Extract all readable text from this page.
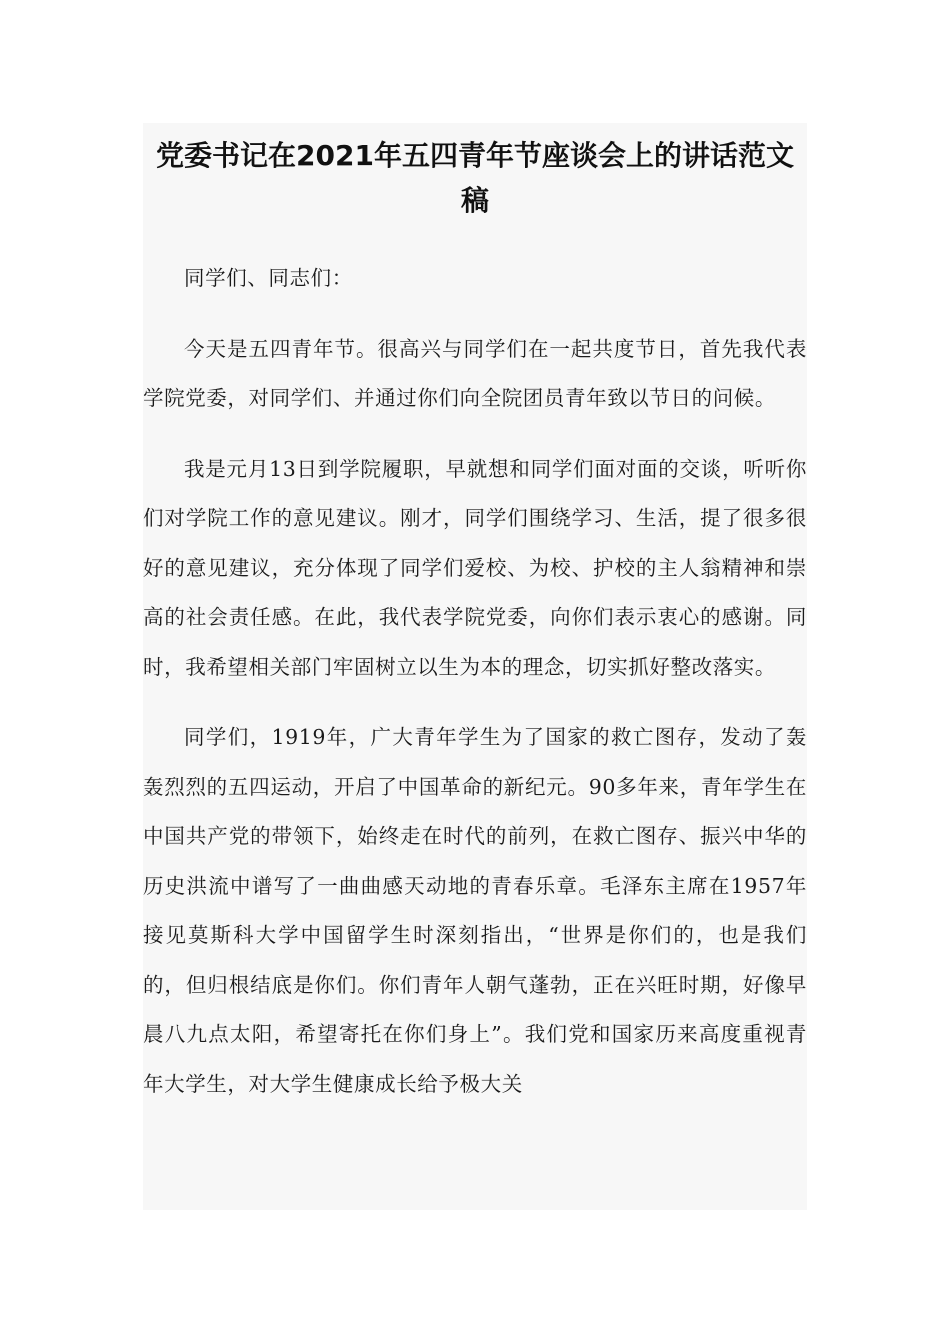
党委书记在2021年五四青年节座谈会上的讲话范文稿

同学们、同志们：

今天是五四青年节。很高兴与同学们在一起共度节日，首先我代表学院党委，对同学们、并通过你们向全院团员青年致以节日的问候。

我是元月13日到学院履职，早就想和同学们面对面的交谈，听听你们对学院工作的意见建议。刚才，同学们围绕学习、生活，提了很多很好的意见建议，充分体现了同学们爱校、为校、护校的主人翁精神和崇高的社会责任感。在此，我代表学院党委，向你们表示衷心的感谢。同时，我希望相关部门牢固树立以生为本的理念，切实抓好整改落实。

同学们，1919年，广大青年学生为了国家的救亡图存，发动了轰轰烈烈的五四运动，开启了中国革命的新纪元。90多年来，青年学生在中国共产党的带领下，始终走在时代的前列，在救亡图存、振兴中华的历史洪流中谱写了一曲曲感天动地的青春乐章。毛泽东主席在1957年接见莫斯科大学中国留学生时深刻指出，“世界是你们的，也是我们的，但归根结底是你们。你们青年人朝气蓬勃，正在兴旺时期，好像早晨八九点太阳，希望寄托在你们身上”。我们党和国家历来高度重视青年大学生，对大学生健康成长给予极大关
